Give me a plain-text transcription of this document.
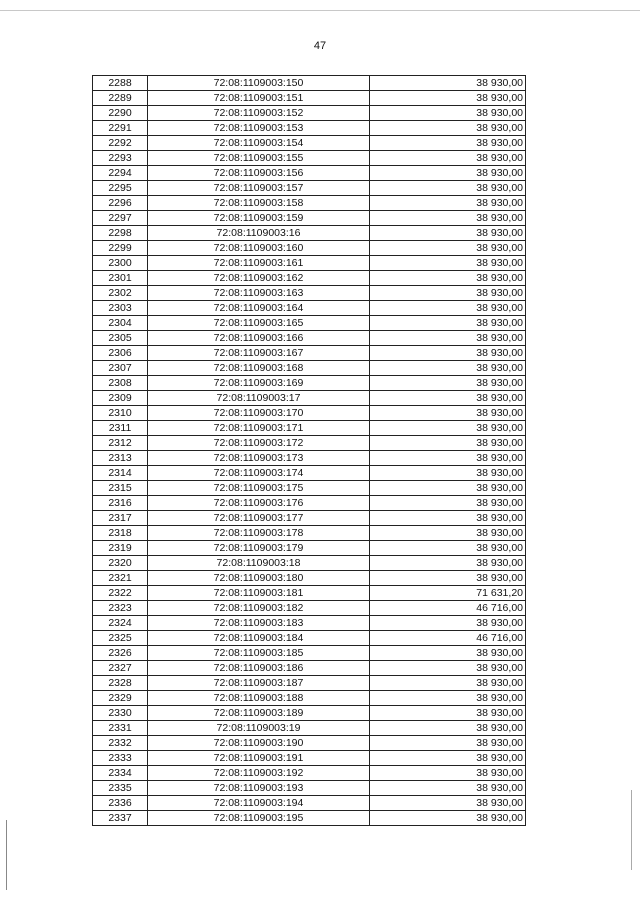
47
2288	72:08:1109003:150	38 930,00
2289	72:08:1109003:151	38 930,00
2290	72:08:1109003:152	38 930,00
2291	72:08:1109003:153	38 930,00
2292	72:08:1109003:154	38 930,00
2293	72:08:1109003:155	38 930,00
2294	72:08:1109003:156	38 930,00
2295	72:08:1109003:157	38 930,00
2296	72:08:1109003:158	38 930,00
2297	72:08:1109003:159	38 930,00
2298	72:08:1109003:16	38 930,00
2299	72:08:1109003:160	38 930,00
2300	72:08:1109003:161	38 930,00
2301	72:08:1109003:162	38 930,00
2302	72:08:1109003:163	38 930,00
2303	72:08:1109003:164	38 930,00
2304	72:08:1109003:165	38 930,00
2305	72:08:1109003:166	38 930,00
2306	72:08:1109003:167	38 930,00
2307	72:08:1109003:168	38 930,00
2308	72:08:1109003:169	38 930,00
2309	72:08:1109003:17	38 930,00
2310	72:08:1109003:170	38 930,00
2311	72:08:1109003:171	38 930,00
2312	72:08:1109003:172	38 930,00
2313	72:08:1109003:173	38 930,00
2314	72:08:1109003:174	38 930,00
2315	72:08:1109003:175	38 930,00
2316	72:08:1109003:176	38 930,00
2317	72:08:1109003:177	38 930,00
2318	72:08:1109003:178	38 930,00
2319	72:08:1109003:179	38 930,00
2320	72:08:1109003:18	38 930,00
2321	72:08:1109003:180	38 930,00
2322	72:08:1109003:181	71 631,20
2323	72:08:1109003:182	46 716,00
2324	72:08:1109003:183	38 930,00
2325	72:08:1109003:184	46 716,00
2326	72:08:1109003:185	38 930,00
2327	72:08:1109003:186	38 930,00
2328	72:08:1109003:187	38 930,00
2329	72:08:1109003:188	38 930,00
2330	72:08:1109003:189	38 930,00
2331	72:08:1109003:19	38 930,00
2332	72:08:1109003:190	38 930,00
2333	72:08:1109003:191	38 930,00
2334	72:08:1109003:192	38 930,00
2335	72:08:1109003:193	38 930,00
2336	72:08:1109003:194	38 930,00
2337	72:08:1109003:195	38 930,00
